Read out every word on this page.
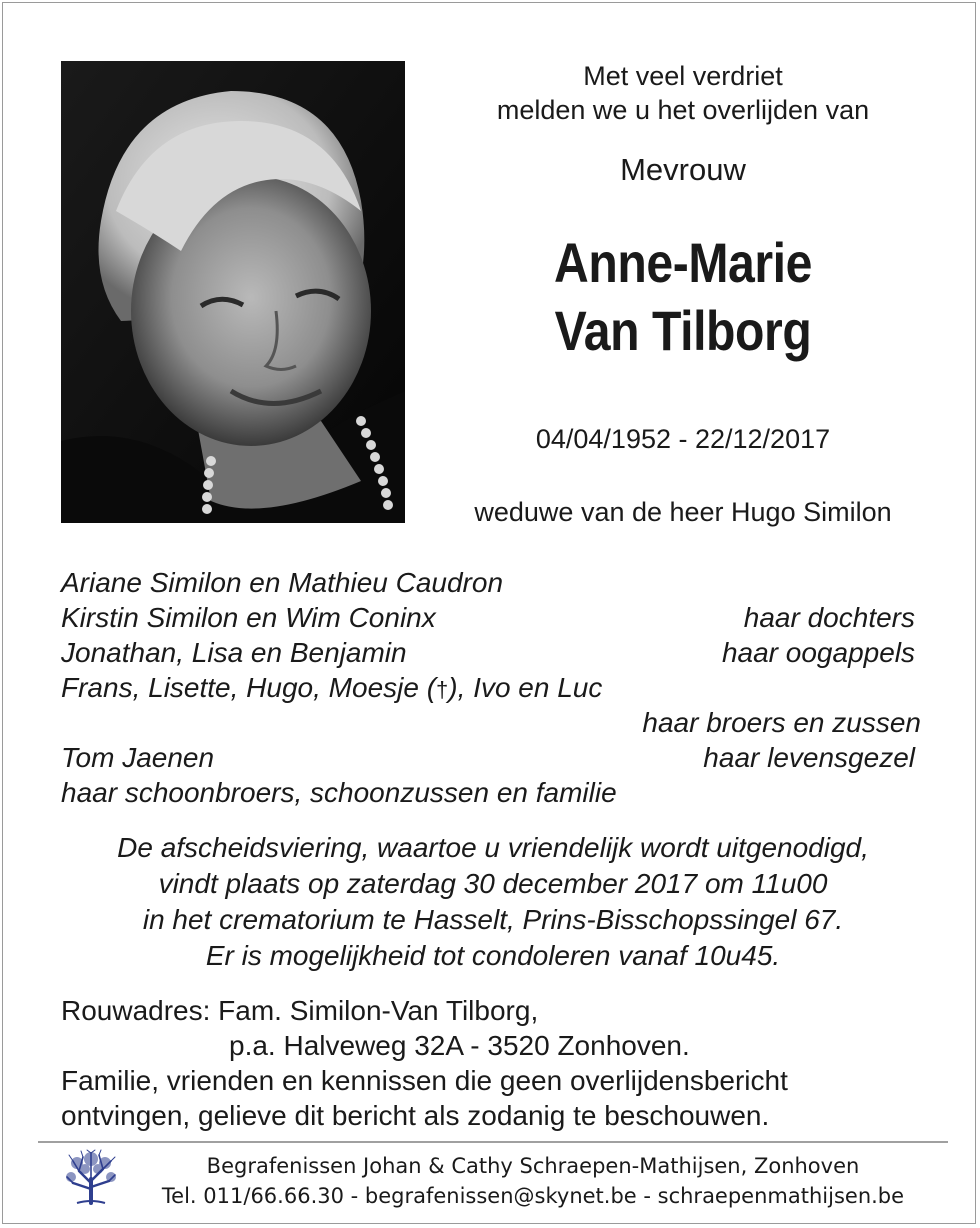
Met veel verdriet
melden we u het overlijden van
Mevrouw
Anne-Marie
Van Tilborg
04/04/1952 - 22/12/2017
weduwe van de heer Hugo Similon
Ariane Similon en Mathieu Caudron
Kirstin Similon en Wim Coninx	haar dochters
Jonathan, Lisa en Benjamin	haar oogappels
Frans, Lisette, Hugo, Moesje (†), Ivo en Luc
haar broers en zussen
Tom Jaenen	haar levensgezel
haar schoonbroers, schoonzussen en familie
De afscheidsviering, waartoe u vriendelijk wordt uitgenodigd,
vindt plaats op zaterdag 30 december 2017 om 11u00
in het crematorium te Hasselt, Prins-Bisschopssingel 67.
Er is mogelijkheid tot condoleren vanaf 10u45.
Rouwadres: Fam. Similon-Van Tilborg,
p.a. Halveweg 32A - 3520 Zonhoven.
Familie, vrienden en kennissen die geen overlijdensbericht
ontvingen, gelieve dit bericht als zodanig te beschouwen.
Begrafenissen Johan & Cathy Schraepen-Mathijsen, Zonhoven
Tel. 011/66.66.30 - begrafenissen@skynet.be - schraepenmathijsen.be
